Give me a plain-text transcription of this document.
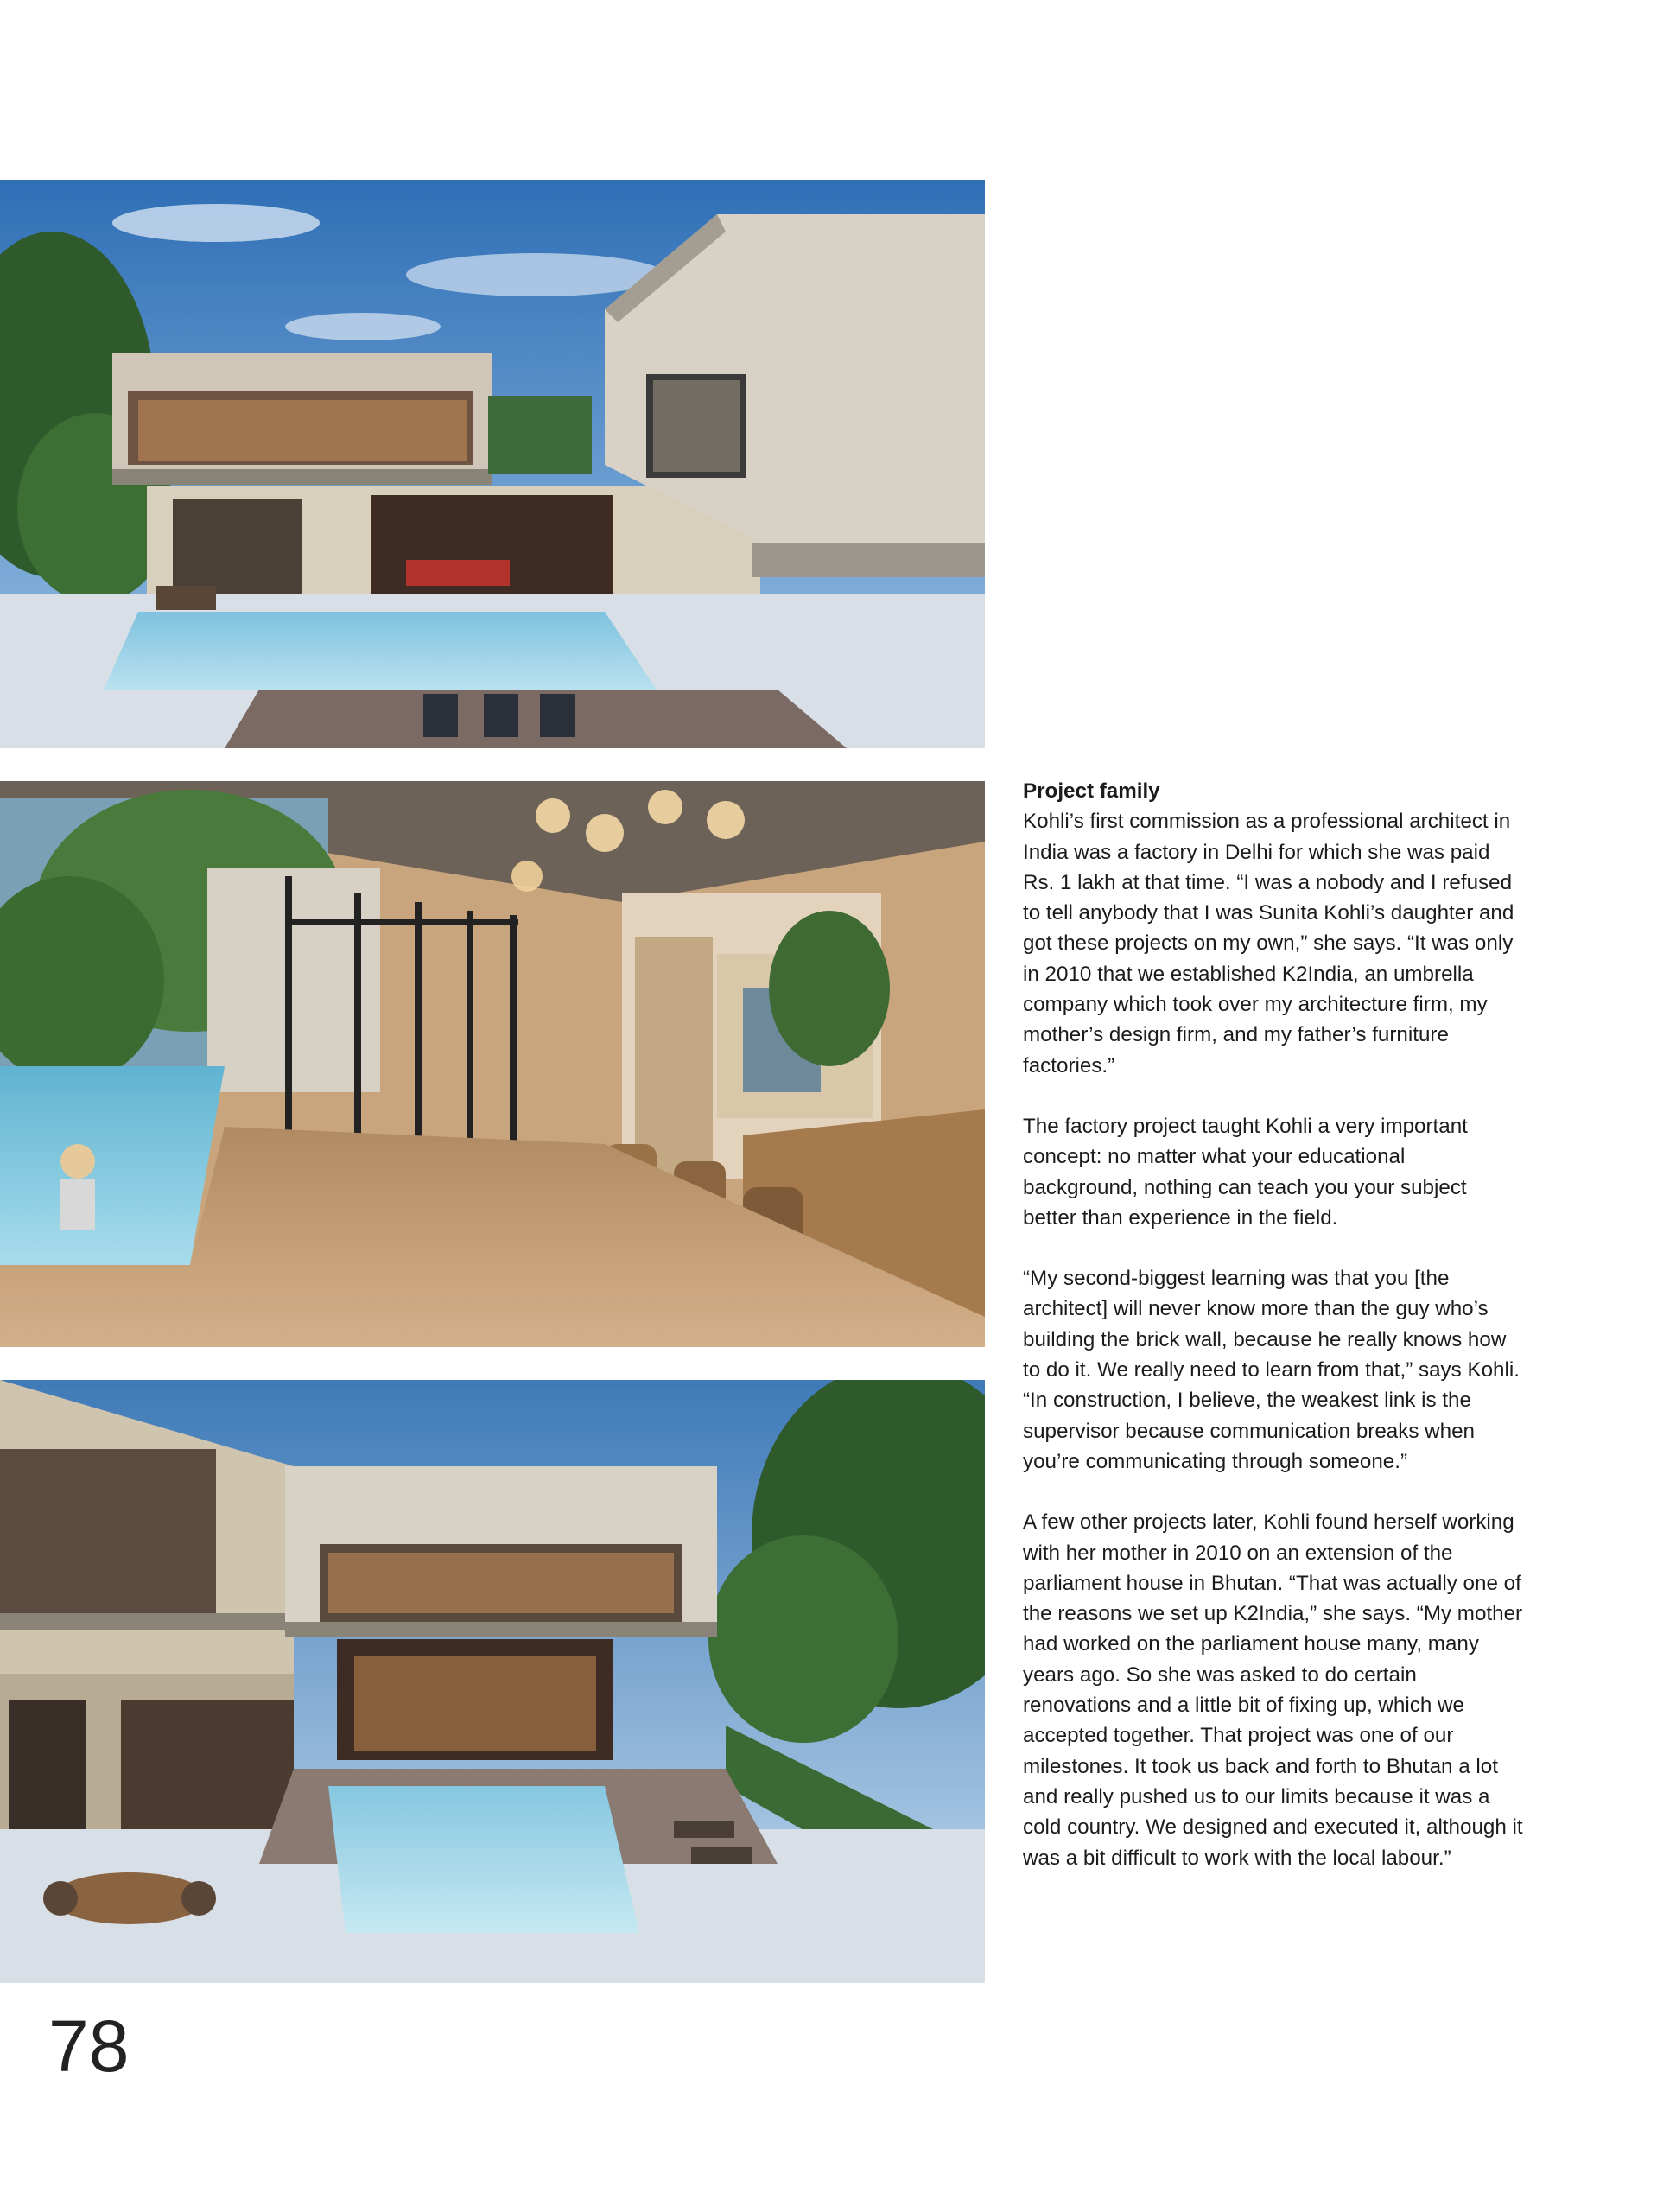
Project family

Kohli’s first commission as a professional architect in India was a factory in Delhi for which she was paid Rs. 1 lakh at that time. “I was a nobody and I refused to tell anybody that I was Sunita Kohli’s daughter and got these projects on my own,” she says. “It was only in 2010 that we established K2India, an umbrella company which took over my architecture firm, my mother’s design firm, and my father’s furniture factories.”

The factory project taught Kohli a very important concept: no matter what your educational background, nothing can teach you your subject better than experience in the field.

“My second-biggest learning was that you [the architect] will never know more than the guy who’s building the brick wall, because he really knows how to do it. We really need to learn from that,” says Kohli. “In construction, I believe, the weakest link is the supervisor because communication breaks when you’re communicating through someone.”

A few other projects later, Kohli found herself working with her mother in 2010 on an extension of the parliament house in Bhutan. “That was actually one of the reasons we set up K2India,” she says. “My mother had worked on the parliament house many, many years ago. So she was asked to do certain renovations and a little bit of fixing up, which we accepted together. That project was one of our milestones. It took us back and forth to Bhutan a lot and really pushed us to our limits because it was a cold country. We designed and executed it, although it was a bit difficult to work with the local labour.”

78
